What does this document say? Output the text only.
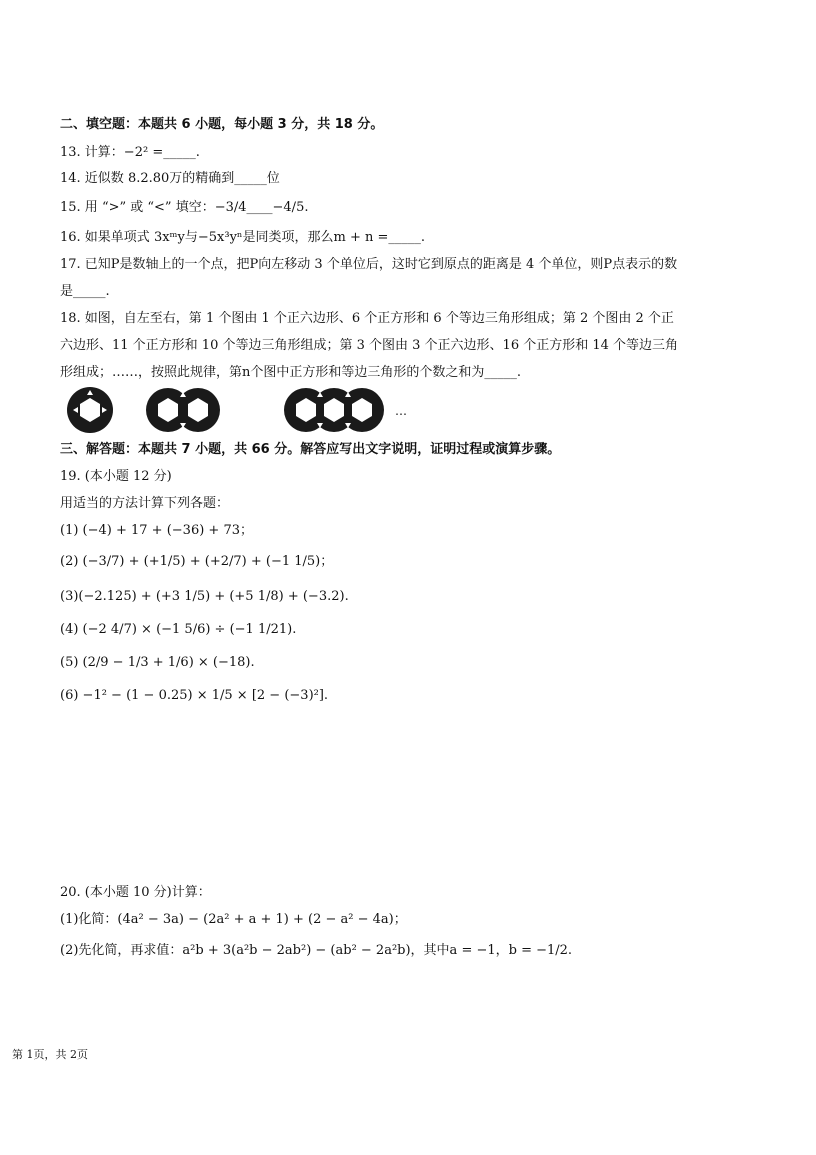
二、填空题：本题共 6 小题，每小题 3 分，共 18 分。
13. 计算：−2² =_____.
14. 近似数 8.2.80万的精确到_____位
15. 用 “>” 或 “<” 填空：−3/4____−4/5.
16. 如果单项式 3xᵐy与−5x³yⁿ是同类项，那么m + n =_____.
17. 已知P是数轴上的一个点，把P向左移动 3 个单位后，这时它到原点的距离是 4 个单位，则P点表示的数
是_____.
18. 如图，自左至右，第 1 个图由 1 个正六边形、6 个正方形和 6 个等边三角形组成；第 2 个图由 2 个正
六边形、11 个正方形和 10 个等边三角形组成；第 3 个图由 3 个正六边形、16 个正方形和 14 个等边三角
形组成；……，按照此规律，第n个图中正方形和等边三角形的个数之和为_____.
…
三、解答题：本题共 7 小题，共 66 分。解答应写出文字说明，证明过程或演算步骤。
19. (本小题 12 分)
用适当的方法计算下列各题：
(1) (−4) + 17 + (−36) + 73；
(2) (−3/7) + (+1/5) + (+2/7) + (−1 1/5)；
(3)(−2.125) + (+3 1/5) + (+5 1/8) + (−3.2).
(4) (−2 4/7) × (−1 5/6) ÷ (−1 1/21).
(5) (2/9 − 1/3 + 1/6) × (−18).
(6) −1² − (1 − 0.25) × 1/5 × [2 − (−3)²].
20. (本小题 10 分)计算：
(1)化简：(4a² − 3a) − (2a² + a + 1) + (2 − a² − 4a)；
(2)先化简，再求值：a²b + 3(a²b − 2ab²) − (ab² − 2a²b)，其中a = −1，b = −1/2.
第 1页，共 2页
